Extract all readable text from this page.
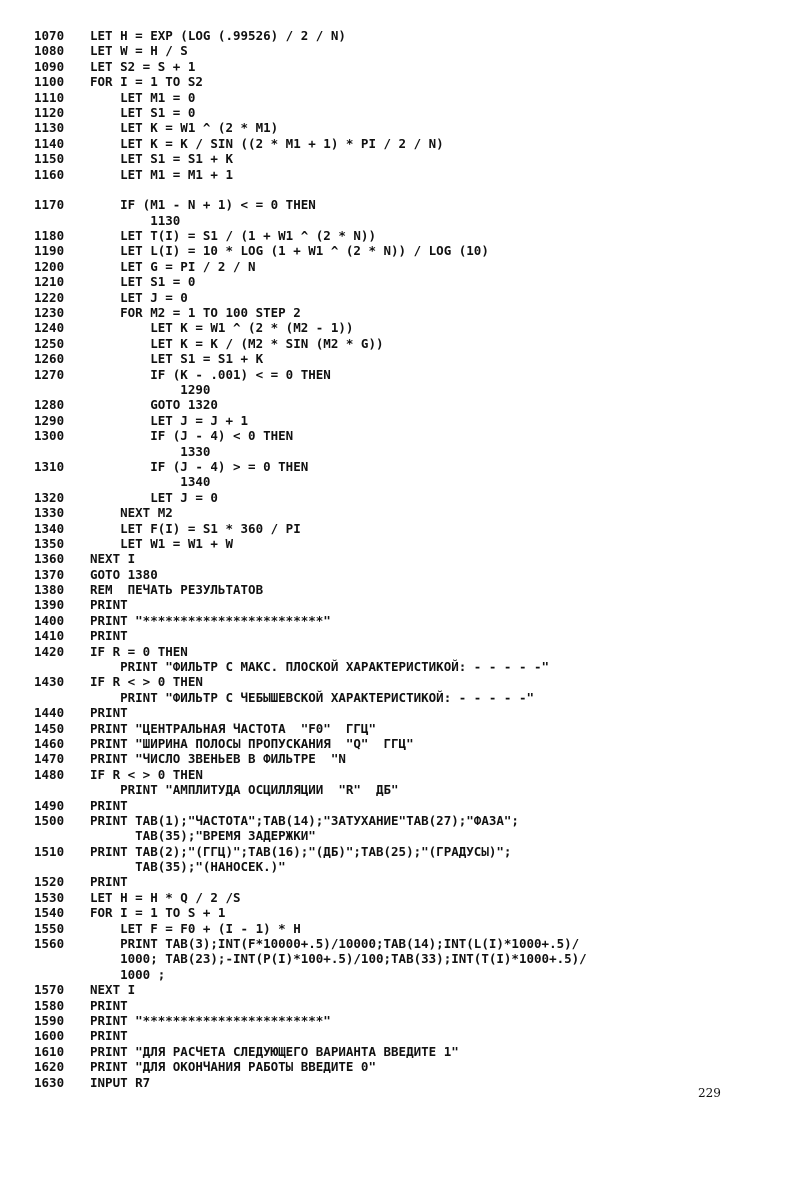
1070	LET H = EXP (LOG (.99526) / 2 / N)
1080	LET W = H / S
1090	LET S2 = S + 1
1100	FOR I = 1 TO S2
1110	LET M1 = 0
1120	LET S1 = 0
1130	LET K = W1 ^ (2 * M1)
1140	LET K = K / SIN ((2 * M1 + 1) * PI / 2 / N)
1150	LET S1 = S1 + K
1160	LET M1 = M1 + 1
1170	IF (M1 - N + 1) < = 0 THEN
1130
1180	LET T(I) = S1 / (1 + W1 ^ (2 * N))
1190	LET L(I) = 10 * LOG (1 + W1 ^ (2 * N)) / LOG (10)
1200	LET G = PI / 2 / N
1210	LET S1 = 0
1220	LET J = 0
1230	FOR M2 = 1 TO 100 STEP 2
1240	LET K = W1 ^ (2 * (M2 - 1))
1250	LET K = K / (M2 * SIN (M2 * G))
1260	LET S1 = S1 + K
1270	IF (K - .001) < = 0 THEN
1290
1280	GOTO 1320
1290	LET J = J + 1
1300	IF (J - 4) < 0 THEN
1330
1310	IF (J - 4) > = 0 THEN
1340
1320	LET J = 0
1330	NEXT M2
1340	LET F(I) = S1 * 360 / PI
1350	LET W1 = W1 + W
1360	NEXT I
1370	GOTO 1380
1380	REM  ПЕЧАТЬ РЕЗУЛЬТАТОВ
1390	PRINT
1400	PRINT "************************"
1410	PRINT
1420	IF R = 0 THEN
PRINT "ФИЛЬТР С МАКС. ПЛОСКОЙ ХАРАКТЕРИСТИКОЙ: - - - - -"
1430	IF R < > 0 THEN
PRINT "ФИЛЬТР С ЧЕБЫШЕВСКОЙ ХАРАКТЕРИСТИКОЙ: - - - - -"
1440	PRINT
1450	PRINT "ЦЕНТРАЛЬНАЯ ЧАСТОТА  "F0"  ГГЦ"
1460	PRINT "ШИРИНА ПОЛОСЫ ПРОПУСКАНИЯ  "Q"  ГГЦ"
1470	PRINT "ЧИСЛО ЗВЕНЬЕВ В ФИЛЬТРЕ  "N
1480	IF R < > 0 THEN
PRINT "АМПЛИТУДА ОСЦИЛЛЯЦИИ  "R"  ДБ"
1490	PRINT
1500	PRINT TAB(1);"ЧАСТОТА";TAB(14);"ЗАТУХАНИЕ"TAB(27);"ФАЗА";
TAB(35);"ВРЕМЯ ЗАДЕРЖКИ"
1510	PRINT TAB(2);"(ГГЦ)";TAB(16);"(ДБ)";TAB(25);"(ГРАДУСЫ)";
TAB(35);"(НАНОСЕК.)"
1520	PRINT
1530	LET H = H * Q / 2 /S
1540	FOR I = 1 TO S + 1
1550	LET F = F0 + (I - 1) * H
1560	PRINT TAB(3);INT(F*10000+.5)/10000;TAB(14);INT(L(I)*1000+.5)/
1000; TAB(23);-INT(P(I)*100+.5)/100;TAB(33);INT(T(I)*1000+.5)/
1000 ;
1570	NEXT I
1580	PRINT
1590	PRINT "************************"
1600	PRINT
1610	PRINT "ДЛЯ РАСЧЕТА СЛЕДУЮЩЕГО ВАРИАНТА ВВЕДИТЕ 1"
1620	PRINT "ДЛЯ ОКОНЧАНИЯ РАБОТЫ ВВЕДИТЕ 0"
1630	INPUT R7
229
